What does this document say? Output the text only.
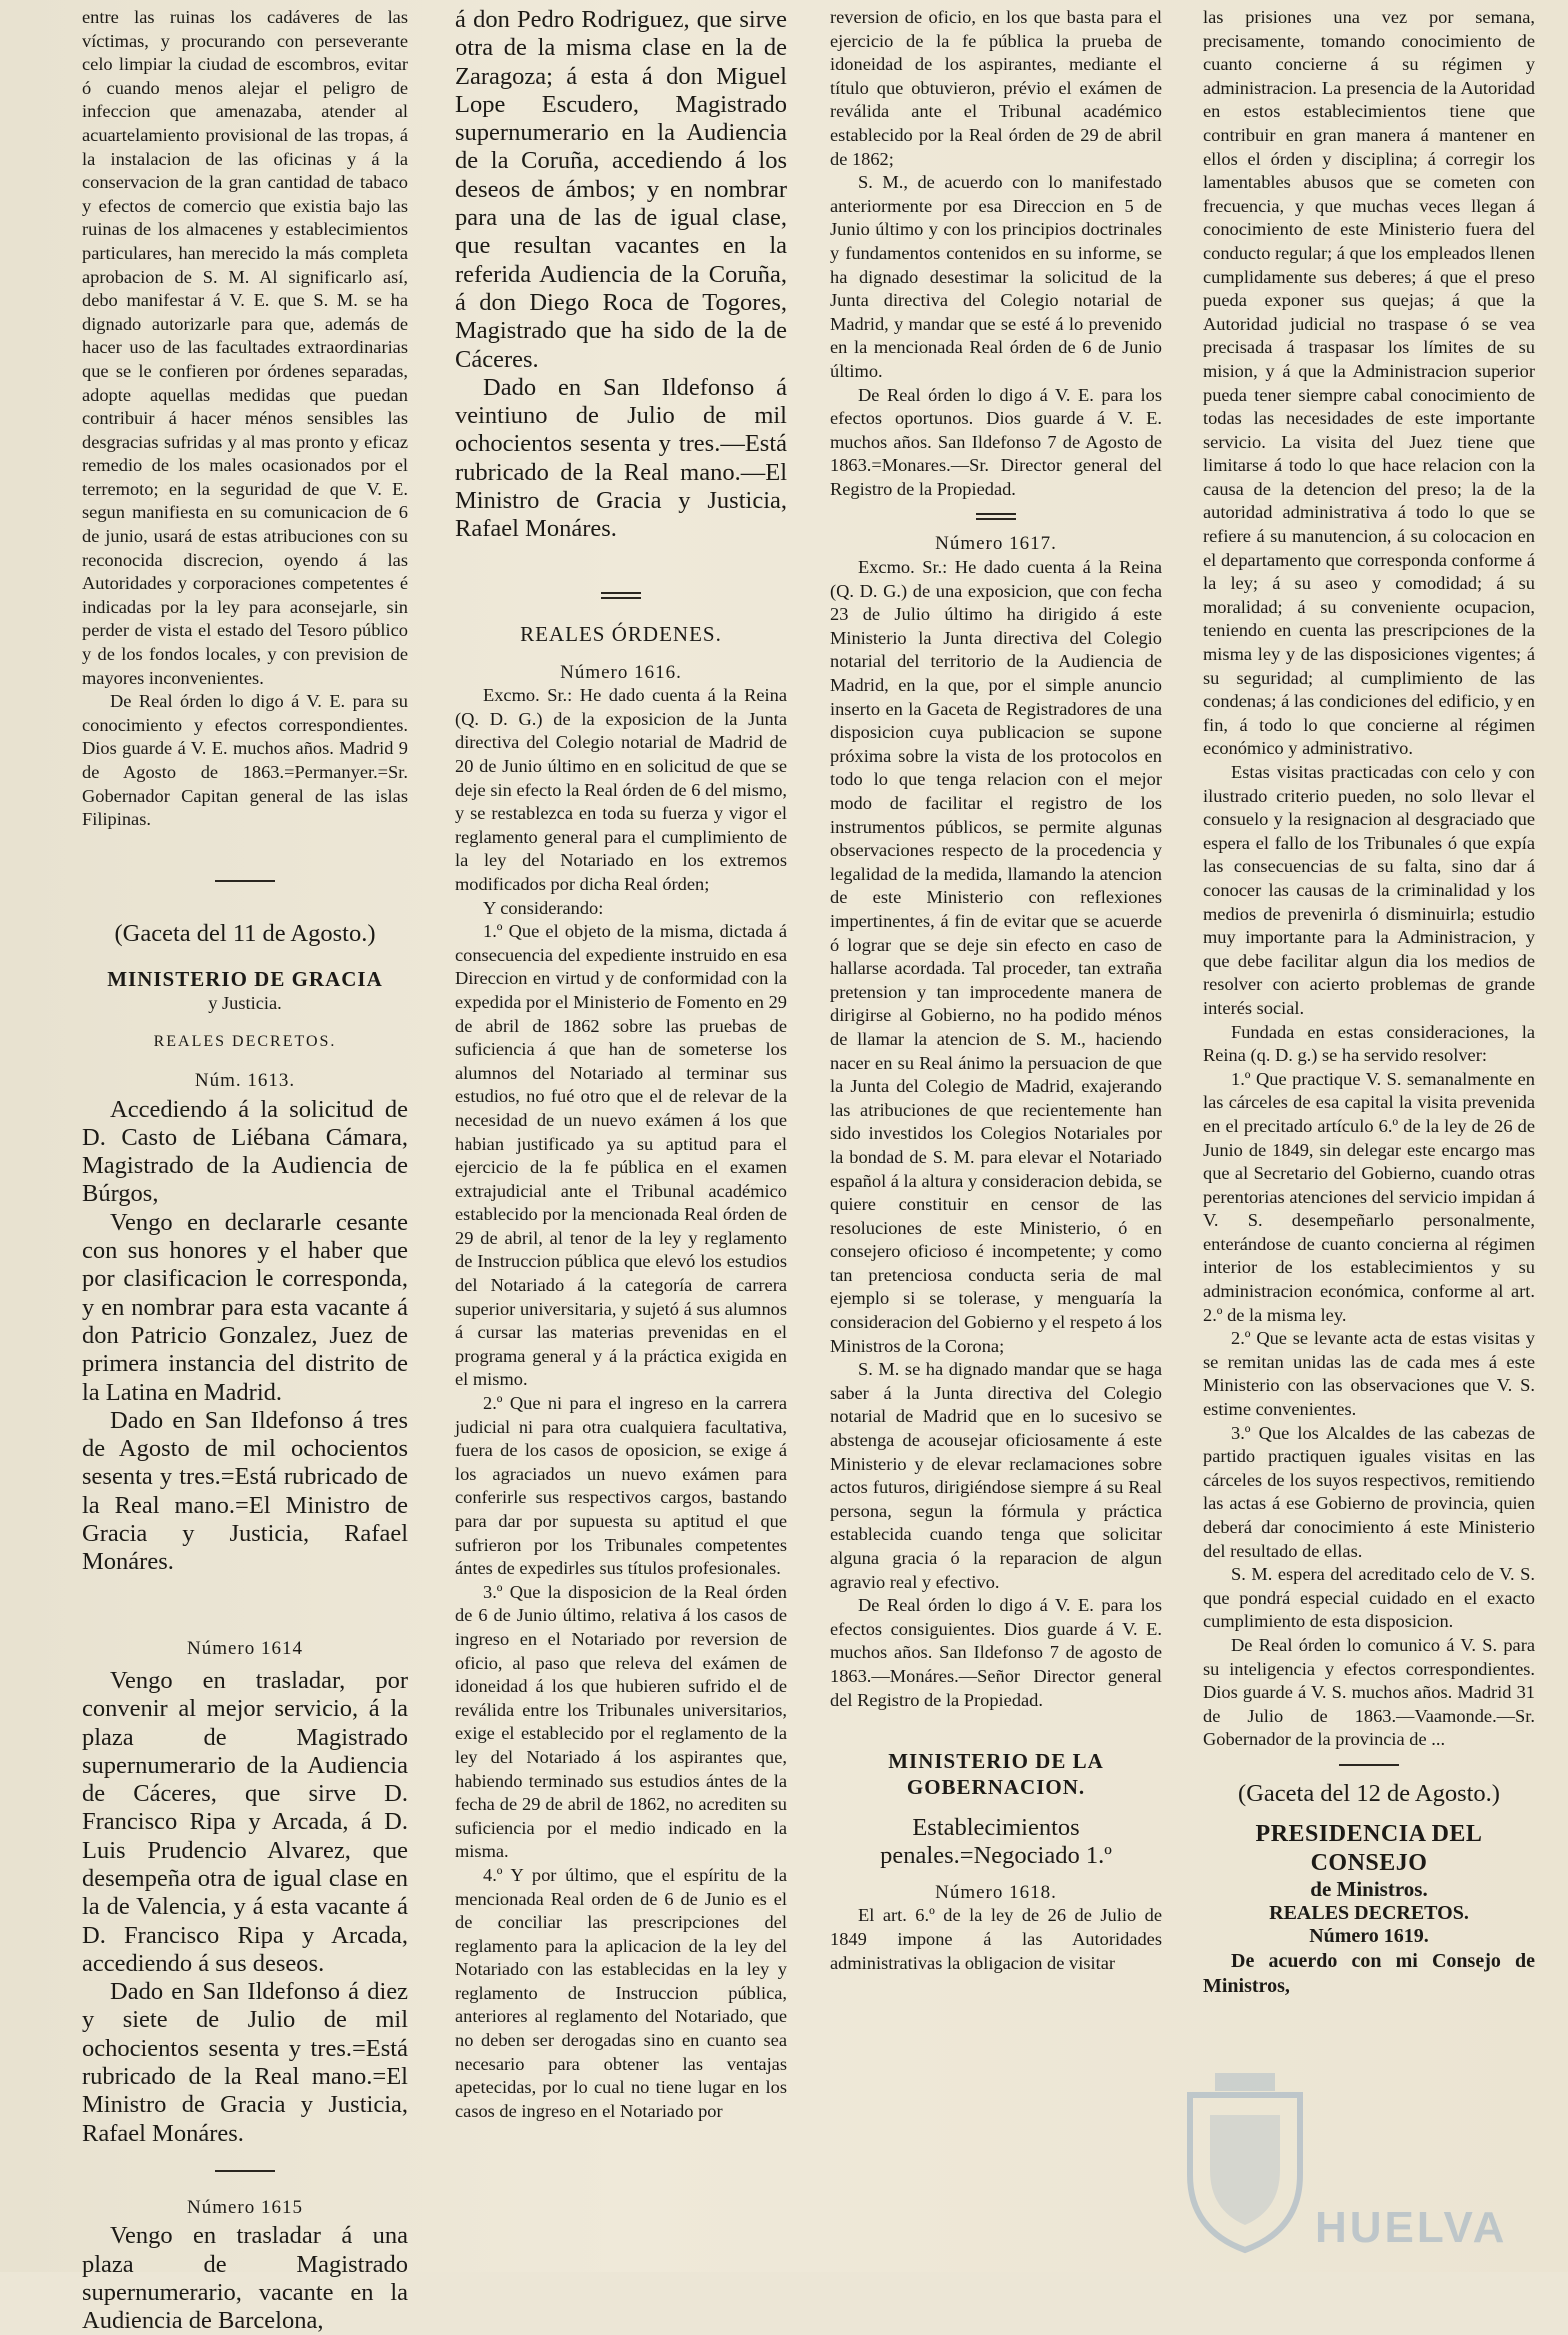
entre las ruinas los cadáveres de las víctimas, y procurando con perseverante celo limpiar la ciudad de escombros, evitar ó cuando menos alejar el peligro de infeccion que amenazaba, atender al acuartelamiento provisional de las tropas, á la instalacion de las oficinas y á la conservacion de la gran cantidad de tabaco y efectos de comercio que existia bajo las ruinas de los almacenes y establecimientos particulares, han merecido la más completa aprobacion de S. M. Al significarlo así, debo manifestar á V. E. que S. M. se ha dignado autorizarle para que, además de hacer uso de las facultades extraordinarias que se le confieren por órdenes separadas, adopte aquellas medidas que puedan contribuir á hacer ménos sensibles las desgracias sufridas y al mas pronto y eficaz remedio de los males ocasionados por el terremoto; en la seguridad de que V. E. segun manifiesta en su comunicacion de 6 de junio, usará de estas atribuciones con su reconocida discrecion, oyendo á las Autoridades y corporaciones competentes é indicadas por la ley para aconsejarle, sin perder de vista el estado del Tesoro público y de los fondos locales, y con prevision de mayores inconvenientes.

De Real órden lo digo á V. E. para su conocimiento y efectos correspondientes. Dios guarde á V. E. muchos años. Madrid 9 de Agosto de 1863.=Permanyer.=Sr. Gobernador Capitan general de las islas Filipinas.

(Gaceta del 11 de Agosto.)

MINISTERIO DE GRACIA

y Justicia.

REALES DECRETOS.

Núm. 1613.

Accediendo á la solicitud de D. Casto de Liébana Cámara, Magistrado de la Audiencia de Búrgos,

Vengo en declararle cesante con sus honores y el haber que por clasificacion le corresponda, y en nombrar para esta vacante á don Patricio Gonzalez, Juez de primera instancia del distrito de la Latina en Madrid.

Dado en San Ildefonso á tres de Agosto de mil ochocientos sesenta y tres.=Está rubricado de la Real mano.=El Ministro de Gracia y Justicia, Rafael Monáres.

Número 1614

Vengo en trasladar, por convenir al mejor servicio, á la plaza de Magistrado supernumerario de la Audiencia de Cáceres, que sirve D. Francisco Ripa y Arcada, á D. Luis Prudencio Alvarez, que desempeña otra de igual clase en la de Valencia, y á esta vacante á D. Francisco Ripa y Arcada, accediendo á sus deseos.

Dado en San Ildefonso á diez y siete de Julio de mil ochocientos sesenta y tres.=Está rubricado de la Real mano.=El Ministro de Gracia y Justicia, Rafael Monáres.

Número 1615

Vengo en trasladar á una plaza de Magistrado supernumerario, vacante en la Audiencia de Barcelona,

á don Pedro Rodriguez, que sirve otra de la misma clase en la de Zaragoza; á esta á don Miguel Lope Escudero, Magistrado supernumerario en la Audiencia de la Coruña, accediendo á los deseos de ámbos; y en nombrar para una de las de igual clase, que resultan vacantes en la referida Audiencia de la Coruña, á don Diego Roca de Togores, Magistrado que ha sido de la de Cáceres.

Dado en San Ildefonso á veintiuno de Julio de mil ochocientos sesenta y tres.—Está rubricado de la Real mano.—El Ministro de Gracia y Justicia, Rafael Monáres.

REALES ÓRDENES.

Número 1616.

Excmo. Sr.: He dado cuenta á la Reina (Q. D. G.) de la exposicion de la Junta directiva del Colegio notarial de Madrid de 20 de Junio último en en solicitud de que se deje sin efecto la Real órden de 6 del mismo, y se restablezca en toda su fuerza y vigor el reglamento general para el cumplimiento de la ley del Notariado en los extremos modificados por dicha Real órden;

Y considerando:

1.º Que el objeto de la misma, dictada á consecuencia del expediente instruido en esa Direccion en virtud y de conformidad con la expedida por el Ministerio de Fomento en 29 de abril de 1862 sobre las pruebas de suficiencia á que han de someterse los alumnos del Notariado al terminar sus estudios, no fué otro que el de relevar de la necesidad de un nuevo exámen á los que habian justificado ya su aptitud para el ejercicio de la fe pública en el examen extrajudicial ante el Tribunal académico establecido por la mencionada Real órden de 29 de abril, al tenor de la ley y reglamento de Instruccion pública que elevó los estudios del Notariado á la categoría de carrera superior universitaria, y sujetó á sus alumnos á cursar las materias prevenidas en el programa general y á la práctica exigida en el mismo.

2.º Que ni para el ingreso en la carrera judicial ni para otra cualquiera facultativa, fuera de los casos de oposicion, se exige á los agraciados un nuevo exámen para conferirle sus respectivos cargos, bastando para dar por supuesta su aptitud el que sufrieron por los Tribunales competentes ántes de expedirles sus títulos profesionales.

3.º Que la disposicion de la Real órden de 6 de Junio último, relativa á los casos de ingreso en el Notariado por reversion de oficio, al paso que releva del exámen de idoneidad á los que hubieren sufrido el de reválida entre los Tribunales universitarios, exige el establecido por el reglamento de la ley del Notariado á los aspirantes que, habiendo terminado sus estudios ántes de la fecha de 29 de abril de 1862, no acrediten su suficiencia por el medio indicado en la misma.

4.º Y por último, que el espíritu de la mencionada Real orden de 6 de Junio es el de conciliar las prescripciones del reglamento para la aplicacion de la ley del Notariado con las establecidas en la ley y reglamento de Instruccion pública, anteriores al reglamento del Notariado, que no deben ser derogadas sino en cuanto sea necesario para obtener las ventajas apetecidas, por lo cual no tiene lugar en los casos de ingreso en el Notariado por

reversion de oficio, en los que basta para el ejercicio de la fe pública la prueba de idoneidad de los aspirantes, mediante el título que obtuvieron, prévio el exámen de reválida ante el Tribunal académico establecido por la Real órden de 29 de abril de 1862;

S. M., de acuerdo con lo manifestado anteriormente por esa Direccion en 5 de Junio último y con los principios doctrinales y fundamentos contenidos en su informe, se ha dignado desestimar la solicitud de la Junta directiva del Colegio notarial de Madrid, y mandar que se esté á lo prevenido en la mencionada Real órden de 6 de Junio último.

De Real órden lo digo á V. E. para los efectos oportunos. Dios guarde á V. E. muchos años. San Ildefonso 7 de Agosto de 1863.=Monares.—Sr. Director general del Registro de la Propiedad.

Número 1617.

Excmo. Sr.: He dado cuenta á la Reina (Q. D. G.) de una exposicion, que con fecha 23 de Julio último ha dirigido á este Ministerio la Junta directiva del Colegio notarial del territorio de la Audiencia de Madrid, en la que, por el simple anuncio inserto en la Gaceta de Registradores de una disposicion cuya publicacion se supone próxima sobre la vista de los protocolos en todo lo que tenga relacion con el mejor modo de facilitar el registro de los instrumentos públicos, se permite algunas observaciones respecto de la procedencia y legalidad de la medida, llamando la atencion de este Ministerio con reflexiones impertinentes, á fin de evitar que se acuerde ó lograr que se deje sin efecto en caso de hallarse acordada. Tal proceder, tan extraña pretension y tan improcedente manera de dirigirse al Gobierno, no ha podido ménos de llamar la atencion de S. M., haciendo nacer en su Real ánimo la persuacion de que la Junta del Colegio de Madrid, exajerando las atribuciones de que recientemente han sido investidos los Colegios Notariales por la bondad de S. M. para elevar el Notariado español á la altura y consideracion debida, se quiere constituir en censor de las resoluciones de este Ministerio, ó en consejero oficioso é incompetente; y como tan pretenciosa conducta seria de mal ejemplo si se tolerase, y menguaría la consideracion del Gobierno y el respeto á los Ministros de la Corona;

S. M. se ha dignado mandar que se haga saber á la Junta directiva del Colegio notarial de Madrid que en lo sucesivo se abstenga de acousejar oficiosamente á este Ministerio y de elevar reclamaciones sobre actos futuros, dirigiéndose siempre á su Real persona, segun la fórmula y práctica establecida cuando tenga que solicitar alguna gracia ó la reparacion de algun agravio real y efectivo.

De Real órden lo digo á V. E. para los efectos consiguientes. Dios guarde á V. E. muchos años. San Ildefonso 7 de agosto de 1863.—Monáres.—Señor Director general del Registro de la Propiedad.

MINISTERIO DE LA GOBERNACION.

Establecimientos penales.=Negociado 1.º

Número 1618.

El art. 6.º de la ley de 26 de Julio de 1849 impone á las Autoridades administrativas la obligacion de visitar

las prisiones una vez por semana, precisamente, tomando conocimiento de cuanto concierne á su régimen y administracion. La presencia de la Autoridad en estos establecimientos tiene que contribuir en gran manera á mantener en ellos el órden y disciplina; á corregir los lamentables abusos que se cometen con frecuencia, y que muchas veces llegan á conocimiento de este Ministerio fuera del conducto regular; á que los empleados llenen cumplidamente sus deberes; á que el preso pueda exponer sus quejas; á que la Autoridad judicial no traspase ó se vea precisada á traspasar los límites de su mision, y á que la Administracion superior pueda tener siempre cabal conocimiento de todas las necesidades de este importante servicio. La visita del Juez tiene que limitarse á todo lo que hace relacion con la causa de la detencion del preso; la de la autoridad administrativa á todo lo que se refiere á su manutencion, á su colocacion en el departamento que corresponda conforme á la ley; á su aseo y comodidad; á su moralidad; á su conveniente ocupacion, teniendo en cuenta las prescripciones de la misma ley y de las disposiciones vigentes; á su seguridad; al cumplimiento de las condenas; á las condiciones del edificio, y en fin, á todo lo que concierne al régimen económico y administrativo.

Estas visitas practicadas con celo y con ilustrado criterio pueden, no solo llevar el consuelo y la resignacion al desgraciado que espera el fallo de los Tribunales ó que expía las consecuencias de su falta, sino dar á conocer las causas de la criminalidad y los medios de prevenirla ó disminuirla; estudio muy importante para la Administracion, y que debe facilitar algun dia los medios de resolver con acierto problemas de grande interés social.

Fundada en estas consideraciones, la Reina (q. D. g.) se ha servido resolver:

1.º Que practique V. S. semanalmente en las cárceles de esa capital la visita prevenida en el precitado artículo 6.º de la ley de 26 de Junio de 1849, sin delegar este encargo mas que al Secretario del Gobierno, cuando otras perentorias atenciones del servicio impidan á V. S. desempeñarlo personalmente, enterándose de cuanto concierna al régimen interior de los establecimientos y su administracion económica, conforme al art. 2.º de la misma ley.

2.º Que se levante acta de estas visitas y se remitan unidas las de cada mes á este Ministerio con las observaciones que V. S. estime convenientes.

3.º Que los Alcaldes de las cabezas de partido practiquen iguales visitas en las cárceles de los suyos respectivos, remitiendo las actas á ese Gobierno de provincia, quien deberá dar conocimiento á este Ministerio del resultado de ellas.

S. M. espera del acreditado celo de V. S. que pondrá especial cuidado en el exacto cumplimiento de esta disposicion.

De Real órden lo comunico á V. S. para su inteligencia y efectos correspondientes. Dios guarde á V. S. muchos años. Madrid 31 de Julio de 1863.—Vaamonde.—Sr. Gobernador de la provincia de ...

(Gaceta del 12 de Agosto.)

PRESIDENCIA DEL CONSEJO

de Ministros.

REALES DECRETOS.

Número 1619.

De acuerdo con mi Consejo de Ministros,

HUELVA
